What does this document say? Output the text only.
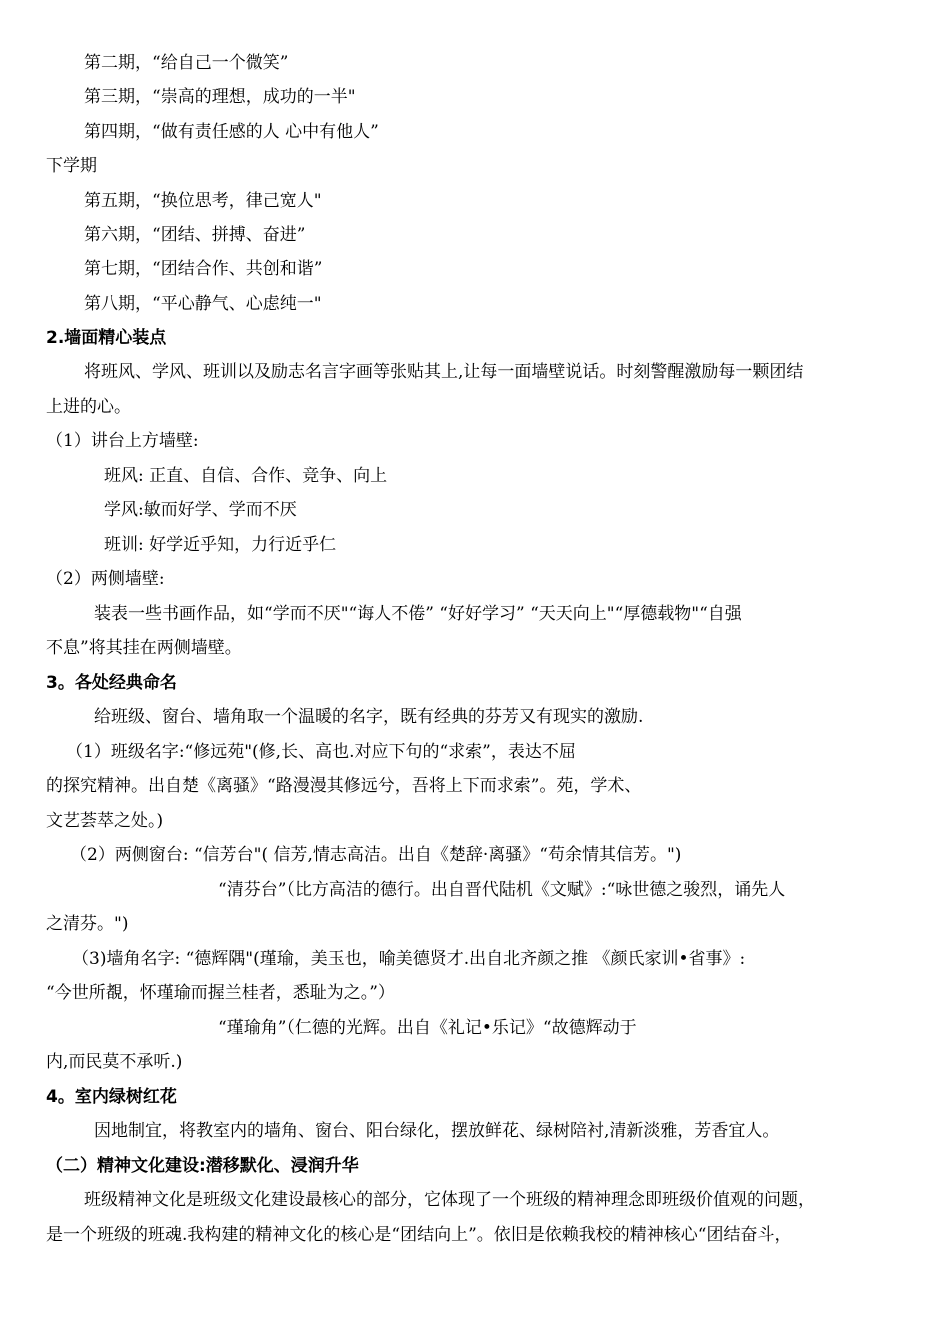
第二期，“给自己一个微笑”
第三期，“崇高的理想，成功的一半"
第四期，“做有责任感的人 心中有他人”
下学期
第五期，“换位思考，律己宽人"
第六期，“团结、拼搏、奋进”
第七期，“团结合作、共创和谐”
第八期，“平心静气、心虑纯一"
2.墙面精心装点
将班风、学风、班训以及励志名言字画等张贴其上,让每一面墙壁说话。时刻警醒激励每一颗团结
上进的心。
（1）讲台上方墙壁:
班风: 正直、自信、合作、竞争、向上
学风:敏而好学、学而不厌
班训: 好学近乎知，力行近乎仁
（2）两侧墙壁:
装表一些书画作品，如“学而不厌"“诲人不倦” “好好学习” “天天向上"“厚德载物"“自强
不息”将其挂在两侧墙壁。
3。各处经典命名
给班级、窗台、墙角取一个温暖的名字，既有经典的芬芳又有现实的激励.
（1）班级名字:“修远苑"(修,长、高也.对应下句的“求索”，表达不屈
的探究精神。出自楚《离骚》“路漫漫其修远兮，吾将上下而求索”。苑，学术、
文艺荟萃之处。)
（2）两侧窗台: “信芳台"( 信芳,情志高洁。出自《楚辞·离骚》“苟余情其信芳。")
“清芬台”（比方高洁的德行。出自晋代陆机《文赋》:“咏世德之骏烈，诵先人
之清芬。")
（3)墙角名字: “德辉隅"(瑾瑜，美玉也，喻美德贤才.出自北齐颜之推 《颜氏家训•省事》:
“今世所覩，怀瑾瑜而握兰桂者，悉耻为之。”）
“瑾瑜角”（仁德的光辉。出自《礼记•乐记》“故德辉动于
内,而民莫不承听.)
4。室内绿树红花
因地制宜，将教室内的墙角、窗台、阳台绿化，摆放鲜花、绿树陪衬,清新淡雅，芳香宜人。
（二）精神文化建设:潜移默化、浸润升华
班级精神文化是班级文化建设最核心的部分，它体现了一个班级的精神理念即班级价值观的问题，
是一个班级的班魂.我构建的精神文化的核心是“团结向上”。依旧是依赖我校的精神核心“团结奋斗，
